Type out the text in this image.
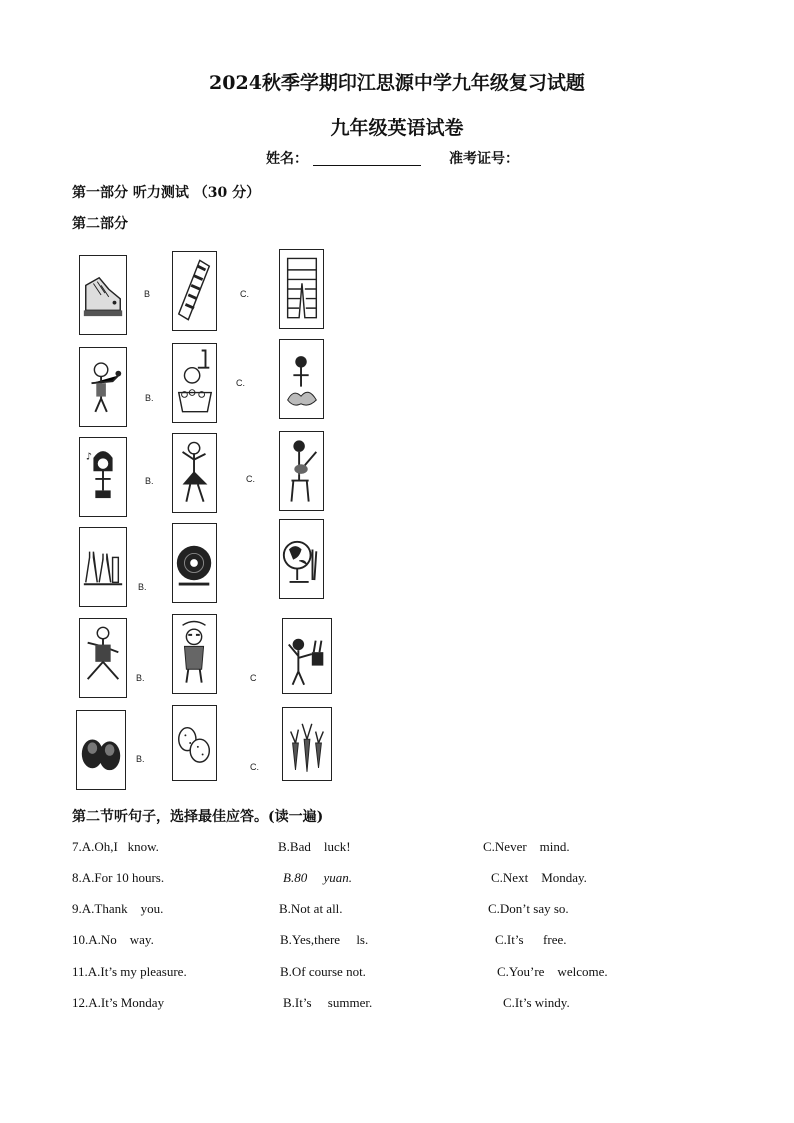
2024秋季学期印江思源中学九年级复习试题
九年级英语试卷
姓名：	准考证号：
第一部分 听力测试 （30 分）
第二部分
B	C.
B.
C.
♪
B.	C.
B.
B.	C
B.
C.
第二节听句子，选择最佳应答。(读一遍)
7.A.Oh,I   know.	B.Bad    luck!	C.Never    mind.
8.A.For 10 hours.	B.80     yuan.	C.Next    Monday.
9.A.Thank    you.	B.Not at all.	C.Don’t say so.
10.A.No    way.	B.Yes,there     ls.	C.It’s      free.
11.A.It’s my pleasure.	B.Of course not.	C.You’re    welcome.
12.A.It’s Monday	B.It’s     summer.	C.It’s windy.
